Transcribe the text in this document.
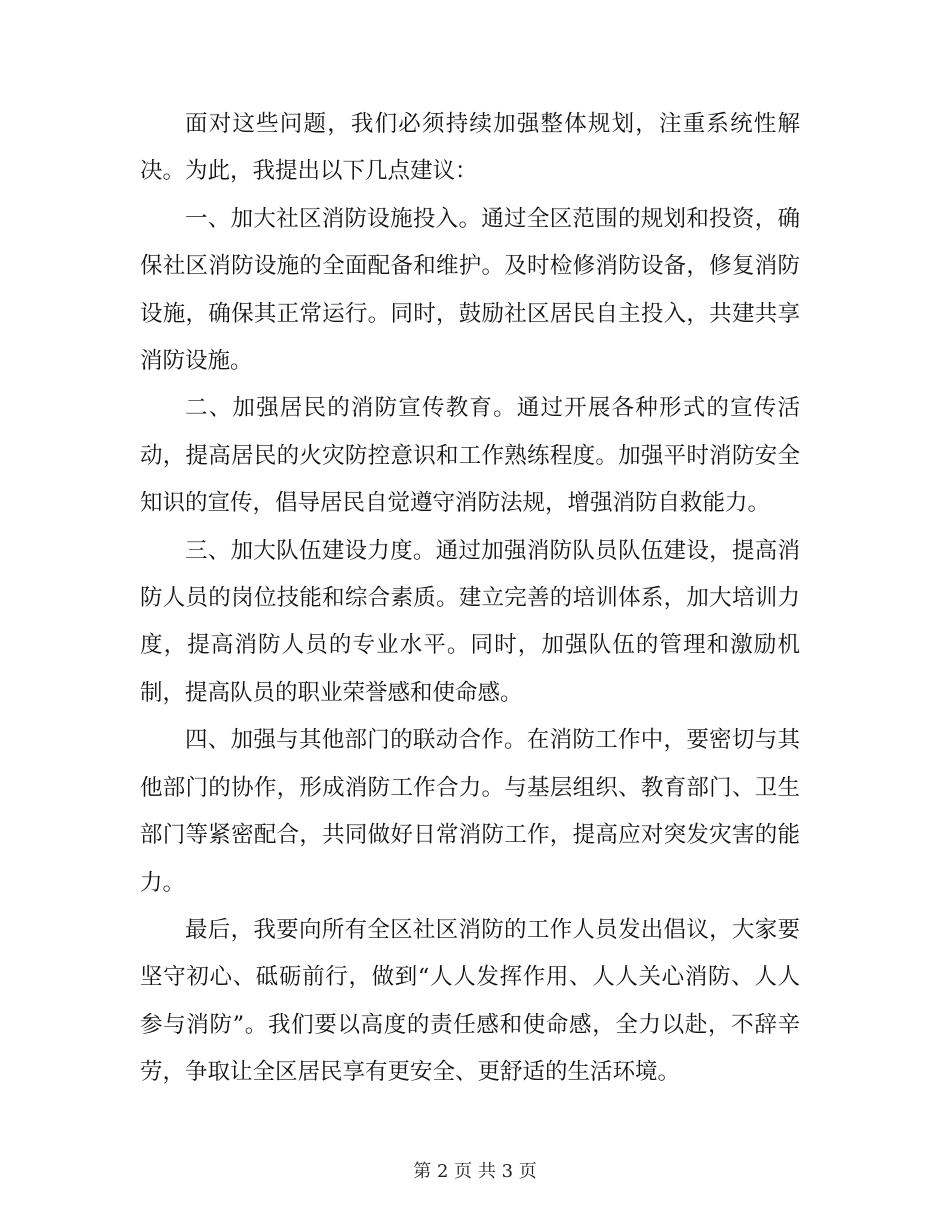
面对这些问题，我们必须持续加强整体规划，注重系统性解决。为此，我提出以下几点建议：

一、加大社区消防设施投入。通过全区范围的规划和投资，确保社区消防设施的全面配备和维护。及时检修消防设备，修复消防设施，确保其正常运行。同时，鼓励社区居民自主投入，共建共享消防设施。

二、加强居民的消防宣传教育。通过开展各种形式的宣传活动，提高居民的火灾防控意识和工作熟练程度。加强平时消防安全知识的宣传，倡导居民自觉遵守消防法规，增强消防自救能力。

三、加大队伍建设力度。通过加强消防队员队伍建设，提高消防人员的岗位技能和综合素质。建立完善的培训体系，加大培训力度，提高消防人员的专业水平。同时，加强队伍的管理和激励机制，提高队员的职业荣誉感和使命感。

四、加强与其他部门的联动合作。在消防工作中，要密切与其他部门的协作，形成消防工作合力。与基层组织、教育部门、卫生部门等紧密配合，共同做好日常消防工作，提高应对突发灾害的能力。

最后，我要向所有全区社区消防的工作人员发出倡议，大家要坚守初心、砥砺前行，做到“人人发挥作用、人人关心消防、人人参与消防”。我们要以高度的责任感和使命感，全力以赴，不辞辛劳，争取让全区居民享有更安全、更舒适的生活环境。

第 2 页 共 3 页
